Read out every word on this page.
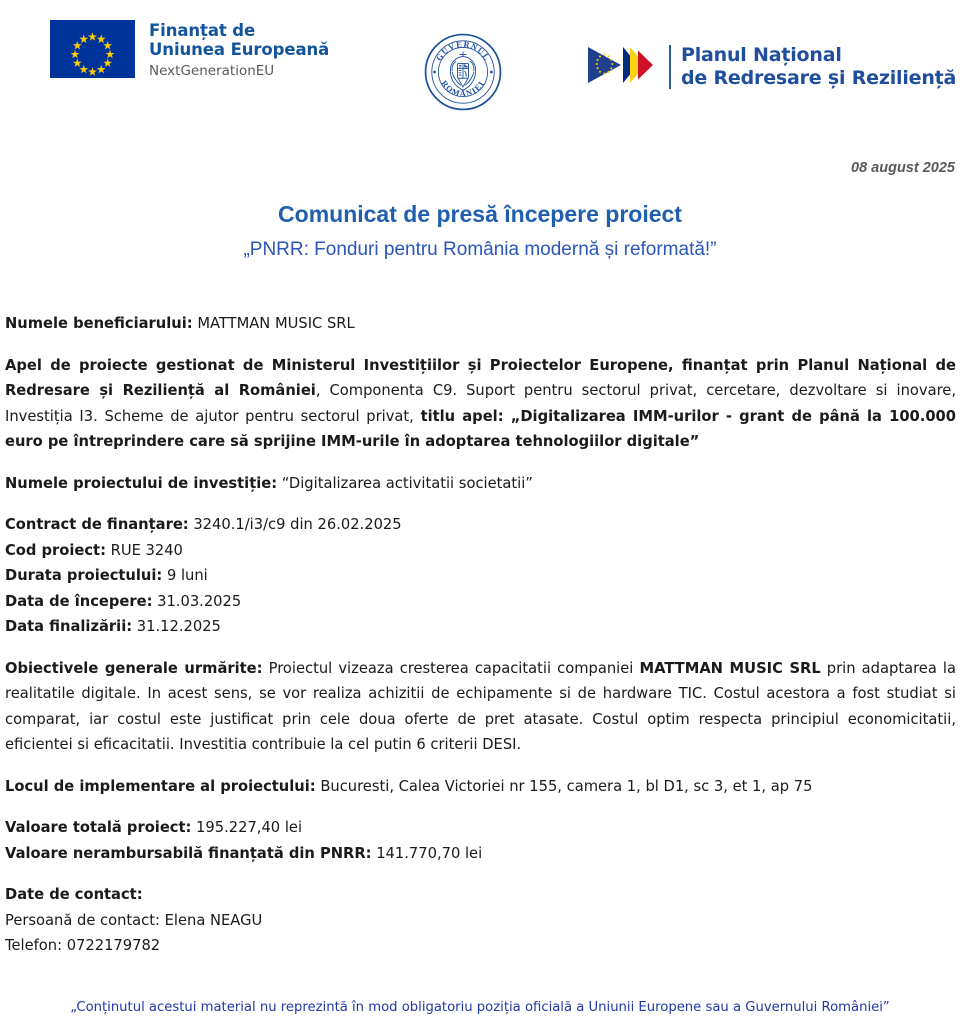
Finanțat de
Uniunea Europeană
NextGenerationEU
GUVERNUL
ROMÂNIEI
Planul Național
de Redresare și Reziliență
08 august 2025
Comunicat de presă începere proiect
„PNRR: Fonduri pentru România modernă și reformată!”

Numele beneficiarului: MATTMAN MUSIC SRL

Apel de proiecte gestionat de Ministerul Investițiilor și Proiectelor Europene, finanțat prin Planul Național de Redresare și Reziliență al României, Componenta C9. Suport pentru sectorul privat, cercetare, dezvoltare si inovare, Investiția I3. Scheme de ajutor pentru sectorul privat, titlu apel: „Digitalizarea IMM-urilor - grant de până la 100.000 euro pe întreprindere care să sprijine IMM-urile în adoptarea tehnologiilor digitale”

Numele proiectului de investiție: “Digitalizarea activitatii societatii”

Contract de finanțare: 3240.1/i3/c9 din 26.02.2025

Cod proiect: RUE 3240

Durata proiectului: 9 luni

Data de începere: 31.03.2025

Data finalizării: 31.12.2025

Obiectivele generale urmărite: Proiectul vizeaza cresterea capacitatii companiei MATTMAN MUSIC SRL prin adaptarea la realitatile digitale. In acest sens, se vor realiza achizitii de echipamente si de hardware TIC. Costul acestora a fost studiat si comparat, iar costul este justificat prin cele doua oferte de pret atasate. Costul optim respecta principiul economicitatii, eficientei si eficacitatii. Investitia contribuie la cel putin 6 criterii DESI.

Locul de implementare al proiectului: Bucuresti, Calea Victoriei nr 155, camera 1, bl D1, sc 3, et 1, ap 75

Valoare totală proiect: 195.227,40 lei

Valoare nerambursabilă finanțată din PNRR: 141.770,70 lei

Date de contact:

Persoană de contact: Elena NEAGU

Telefon: 0722179782

„Conținutul acestui material nu reprezintă în mod obligatoriu poziția oficială a Uniunii Europene sau a Guvernului României”
